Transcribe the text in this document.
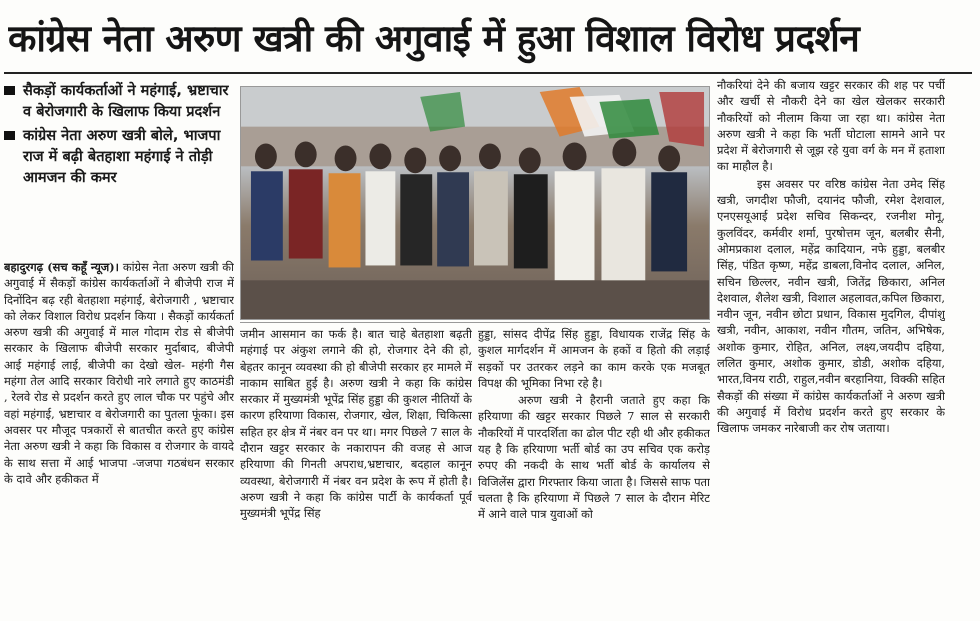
कांग्रेस नेता अरुण खत्री की अगुवाई में हुआ विशाल विरोध प्रदर्शन
सैकड़ों कार्यकर्ताओं ने महंगाई, भ्रष्टाचार व बेरोजगारी के खिलाफ किया प्रदर्शन
कांग्रेस नेता अरुण खत्री बोले, भाजपा राज में बढ़ी बेतहाशा महंगाई ने तोड़ी आमजन की कमर

बहादुरगढ़ (सच कहूँ न्यूज)। कांग्रेस नेता अरुण खत्री की अगुवाई में सैकड़ों कांग्रेस कार्यकर्ताओं ने बीजेपी राज में दिनोंदिन बढ़ रही बेतहाशा महंगाई, बेरोजगारी , भ्रष्टाचार को लेकर विशाल विरोध प्रदर्शन किया । सैकड़ों कार्यकर्ता अरुण खत्री की अगुवाई में माल गोदाम रोड से बीजेपी सरकार के खिलाफ बीजेपी सरकार मुर्दाबाद, बीजेपी आई महंगाई लाई, बीजेपी का देखो खेल- महंगी गैस महंगा तेल आदि सरकार विरोधी नारे लगाते हुए काठमंडी , रेलवे रोड से प्रदर्शन करते हुए लाल चौक पर पहुंचे और वहां महंगाई, भ्रष्टाचार व बेरोजगारी का पुतला फूंका। इस अवसर पर मौजूद पत्रकारों से बातचीत करते हुए कांग्रेस नेता अरुण खत्री ने कहा कि विकास व रोजगार के वायदे के साथ सत्ता में आई भाजपा -जजपा गठबंधन सरकार के दावे और हकीकत में

जमीन आसमान का फर्क है। बात चाहे बेतहाशा बढ़ती महंगाई पर अंकुश लगाने की हो, रोजगार देने की हो, बेहतर कानून व्यवस्था की हो बीजेपी सरकार हर मामले में नाकाम साबित हुई है। अरुण खत्री ने कहा कि कांग्रेस सरकार में मुख्यमंत्री भूपेंद्र सिंह हुड्डा की कुशल नीतियों के कारण हरियाणा विकास, रोजगार, खेल, शिक्षा, चिकित्सा सहित हर क्षेत्र में नंबर वन पर था। मगर पिछले 7 साल के दौरान खट्टर सरकार के नकारापन की वजह से आज हरियाणा की गिनती अपराध,भ्रष्टाचार, बदहाल कानून व्यवस्था, बेरोजगारी में नंबर वन प्रदेश के रूप में होती है। अरुण खत्री ने कहा कि कांग्रेस पार्टी के कार्यकर्ता पूर्व मुख्यमंत्री भूपेंद्र सिंह

हुड्डा, सांसद दीपेंद्र सिंह हुड्डा, विधायक राजेंद्र सिंह के कुशल मार्गदर्शन में आमजन के हकों व हितो की लड़ाई सड़कों पर उतरकर लड़ने का काम करके एक मजबूत विपक्ष की भूमिका निभा रहे है।

अरुण खत्री ने हैरानी जताते हुए कहा कि हरियाणा की खट्टर सरकार पिछले 7 साल से सरकारी नौकरियों में पारदर्शिता का ढोल पीट रही थी और हकीकत यह है कि हरियाणा भर्ती बोर्ड का उप सचिव एक करोड़ रुपए की नकदी के साथ भर्ती बोर्ड के कार्यालय से विजिलेंस द्वारा गिरफ्तार किया जाता है। जिससे साफ पता चलता है कि हरियाणा में पिछले 7 साल के दौरान मेरिट में आने वाले पात्र युवाओं को

नौकरियां देने की बजाय खट्टर सरकार की शह पर पर्ची और खर्ची से नौकरी देने का खेल खेलकर सरकारी नौकरियों को नीलाम किया जा रहा था। कांग्रेस नेता अरुण खत्री ने कहा कि भर्ती घोटाला सामने आने पर प्रदेश में बेरोजगारी से जूझ रहे युवा वर्ग के मन में हताशा का माहौल है।

इस अवसर पर वरिष्ठ कांग्रेस नेता उमेद सिंह खत्री, जगदीश फौजी, दयानंद फौजी, रमेश देशवाल, एनएसयूआई प्रदेश सचिव सिकन्दर, रजनीश मोनू, कुलविंदर, कर्मवीर शर्मा, पुरषोत्तम जून, बलबीर सैनी, ओमप्रकाश दलाल, महेंद्र कादियान, नफे हुड्डा, बलबीर सिंह, पंडित कृष्ण, महेंद्र डाबला,विनोद दलाल, अनिल, सचिन छिल्लर, नवीन खत्री, जितेंद्र छिकारा, अनिल देशवाल, शैलेश खत्री, विशाल अहलावत,कपिल छिकारा, नवीन जून, नवीन छोटा प्रधान, विकास मुदगिल, दीपांशु खत्री, नवीन, आकाश, नवीन गौतम, जतिन, अभिषेक, अशोक कुमार, रोहित, अनिल, लक्ष्य,जयदीप दहिया, ललित कुमार, अशोक कुमार, डोडी, अशोक दहिया, भारत,विनय राठी, राहुल,नवीन बरहानिया, विक्की सहित सैकड़ों की संख्या में कांग्रेस कार्यकर्ताओं ने अरुण खत्री की अगुवाई में विरोध प्रदर्शन करते हुए सरकार के खिलाफ जमकर नारेबाजी कर रोष जताया।
